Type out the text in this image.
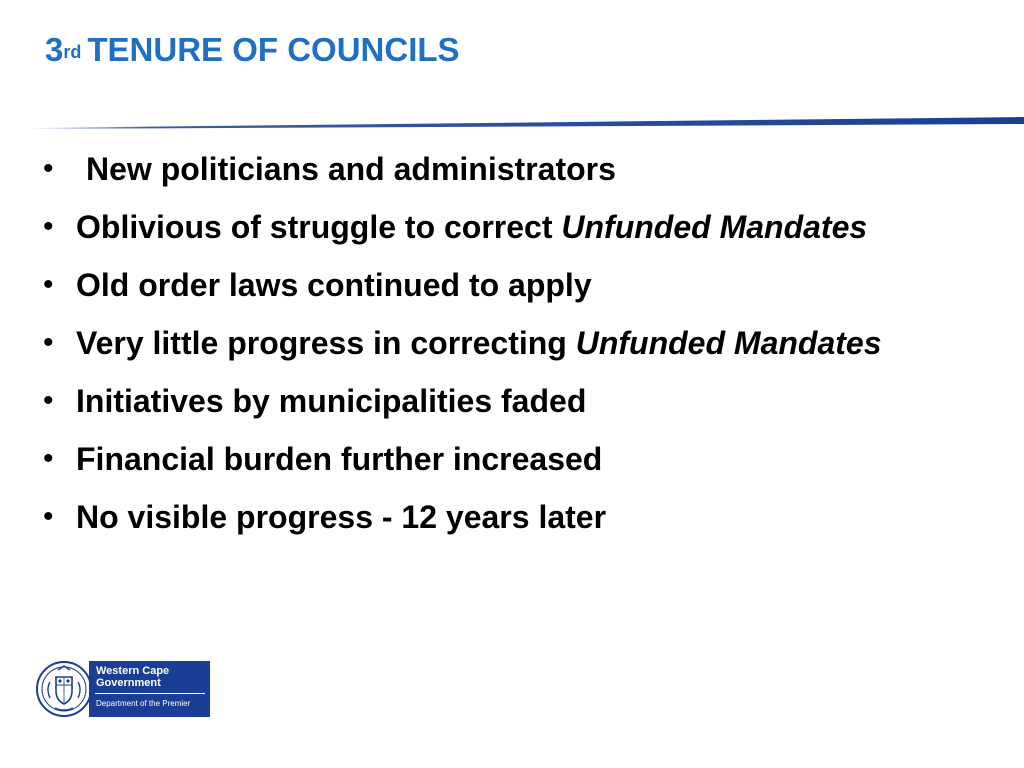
3rd TENURE OF COUNCILS
• New politicians and administrators
• Oblivious of struggle to correct Unfunded Mandates
• Old order laws continued to apply
• Very little progress in correcting Unfunded Mandates
• Initiatives by municipalities faded
• Financial burden further increased
• No visible progress - 12 years later
Western Cape
Government
Department of the Premier
